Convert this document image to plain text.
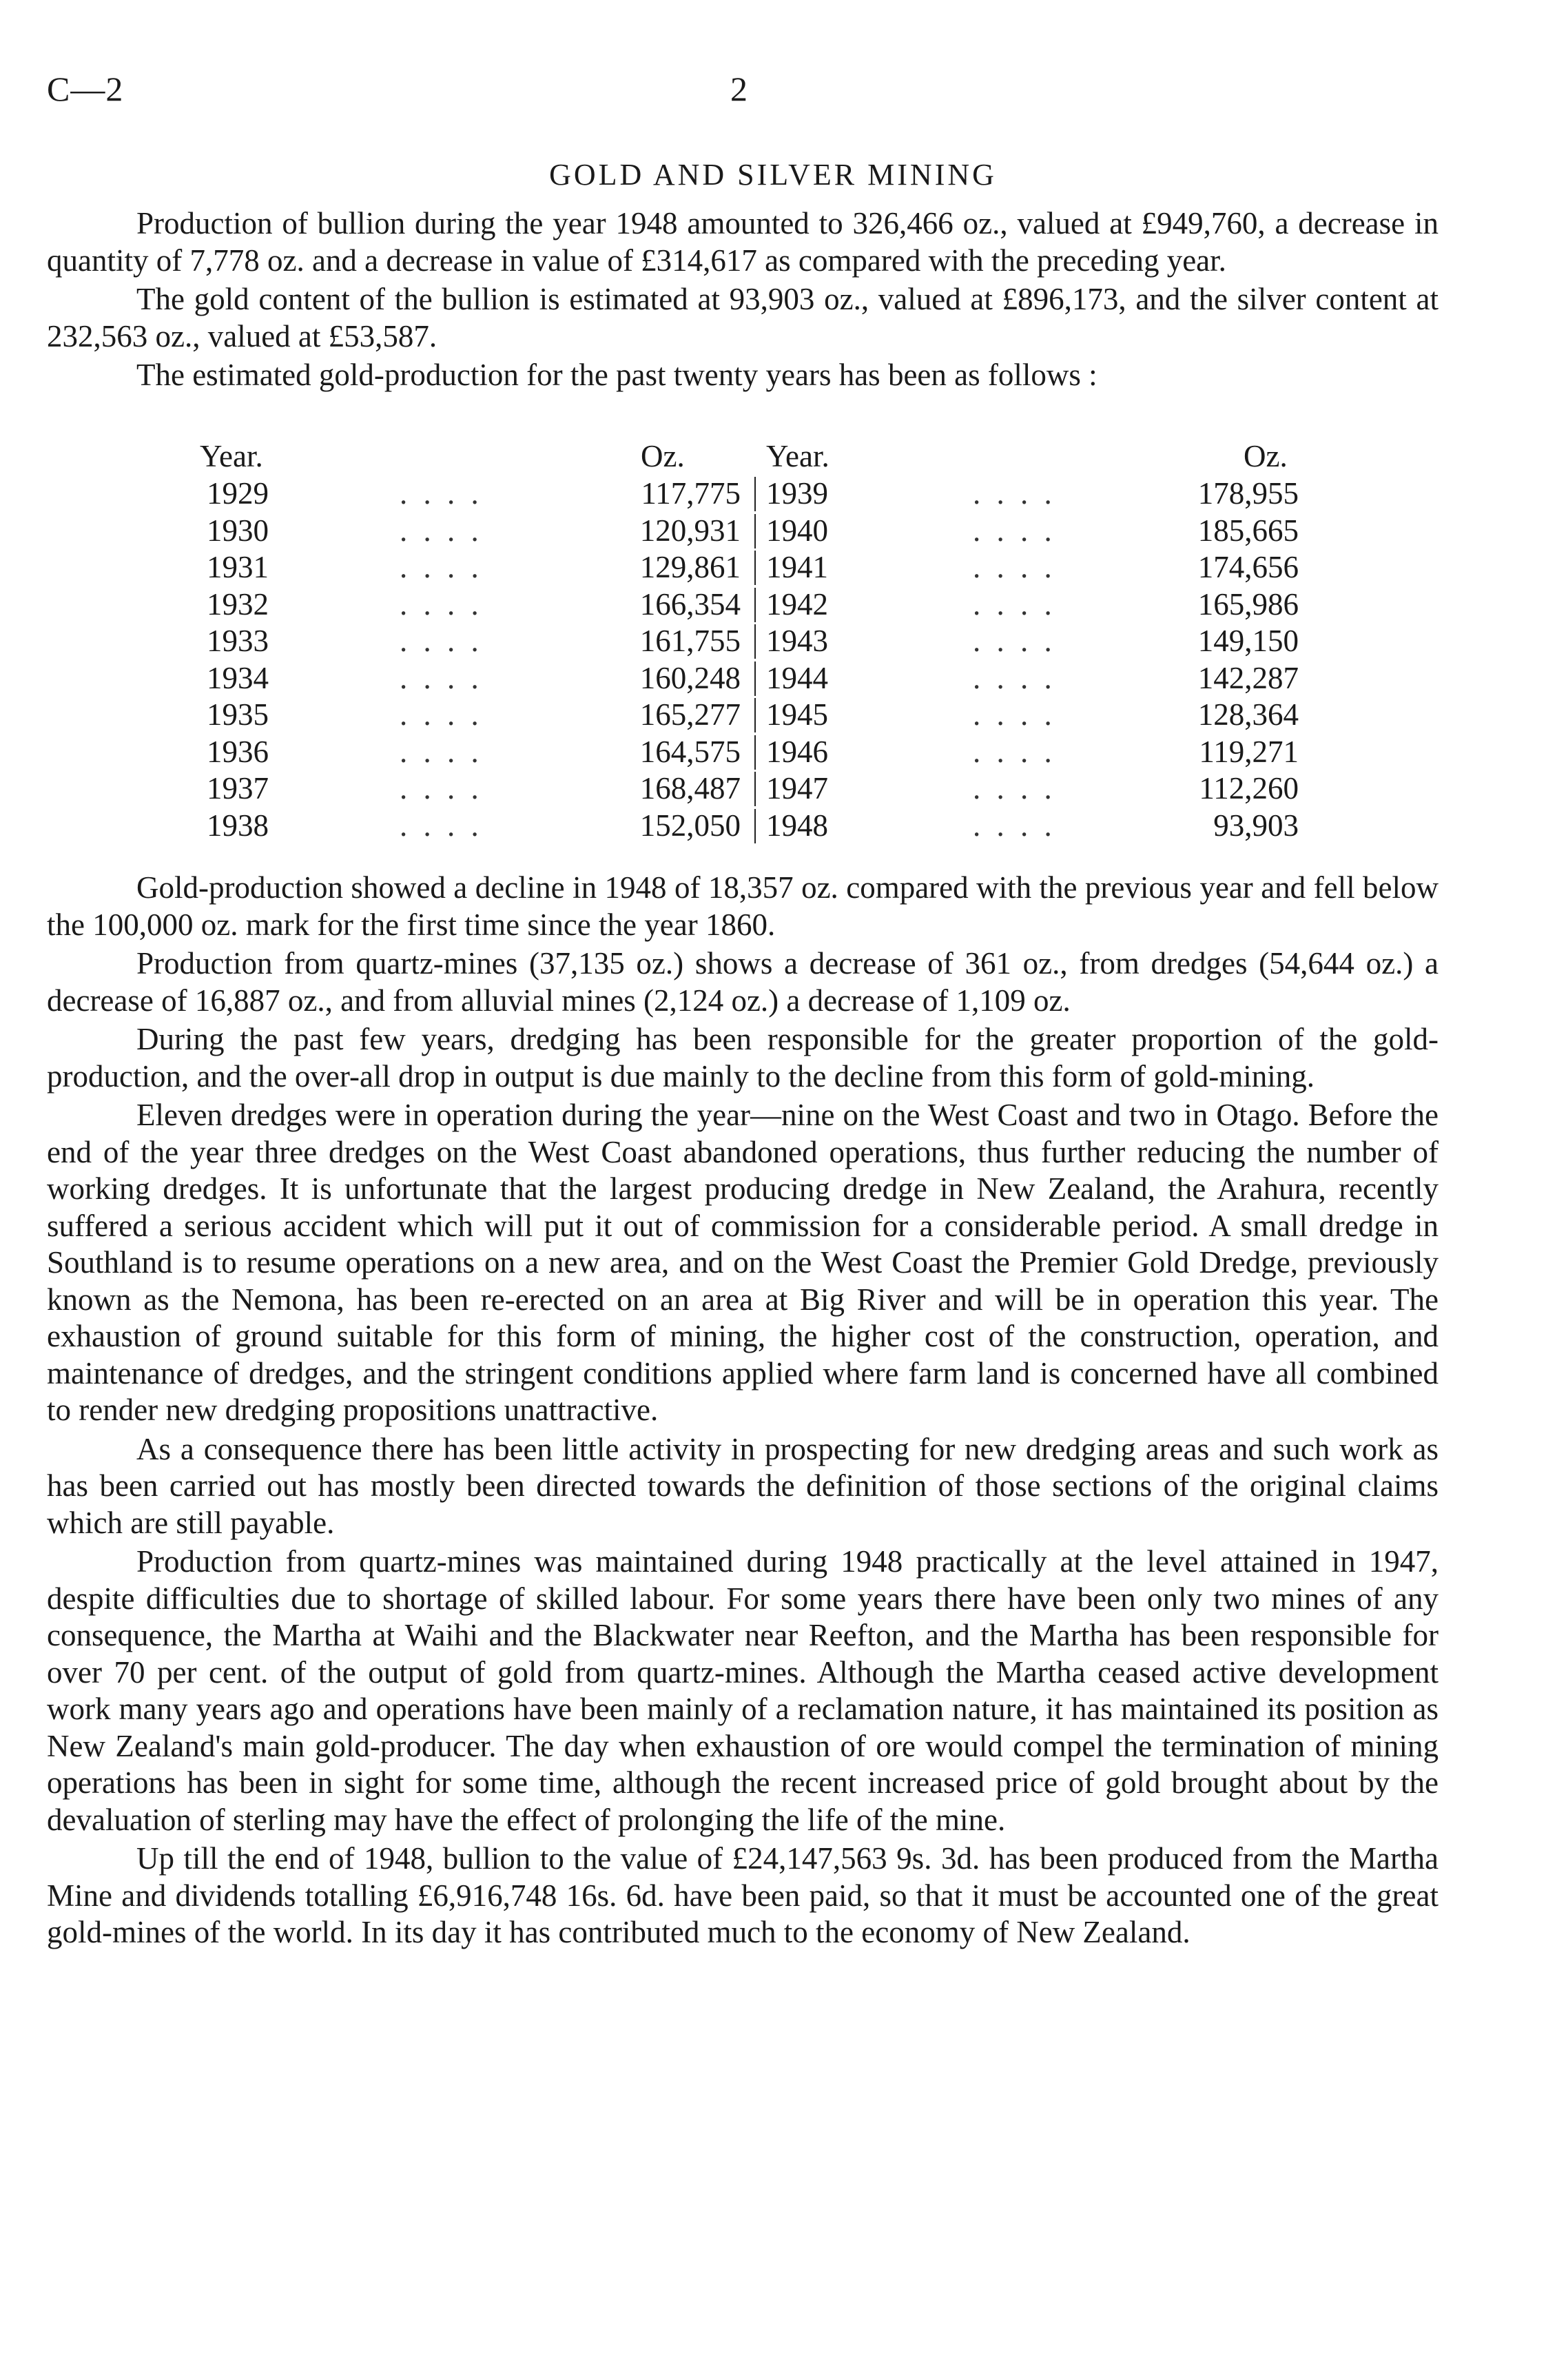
C—2	2
GOLD AND SILVER MINING

Production of bullion during the year 1948 amounted to 326,466 oz., valued at £949,760, a decrease in quantity of 7,778 oz. and a decrease in value of £314,617 as compared with the preceding year.

The gold content of the bullion is estimated at 93,903 oz., valued at £896,173, and the silver content at 232,563 oz., valued at £53,587.

The estimated gold-production for the past twenty years has been as follows :

Year.	Oz.	Year.	Oz.
1929	. . . .	117,775 1939	. . . .	178,955
1930	. . . .	120,931 1940	. . . .	185,665
1931	. . . .	129,861 1941	. . . .	174,656
1932	. . . .	166,354 1942	. . . .	165,986
1933	. . . .	161,755 1943	. . . .	149,150
1934	. . . .	160,248 1944	. . . .	142,287
1935	. . . .	165,277 1945	. . . .	128,364
1936	. . . .	164,575 1946	. . . .	119,271
1937	. . . .	168,487 1947	. . . .	112,260
1938	. . . .	152,050 1948	. . . .	93,903

Gold-production showed a decline in 1948 of 18,357 oz. compared with the previous year and fell below the 100,000 oz. mark for the first time since the year 1860.

Production from quartz-mines (37,135 oz.) shows a decrease of 361 oz., from dredges (54,644 oz.) a decrease of 16,887 oz., and from alluvial mines (2,124 oz.) a decrease of 1,109 oz.

During the past few years, dredging has been responsible for the greater proportion of the gold-production, and the over-all drop in output is due mainly to the decline from this form of gold-mining.

Eleven dredges were in operation during the year—nine on the West Coast and two in Otago. Before the end of the year three dredges on the West Coast abandoned operations, thus further reducing the number of working dredges. It is unfortunate that the largest producing dredge in New Zealand, the Arahura, recently suffered a serious accident which will put it out of commission for a considerable period. A small dredge in Southland is to resume operations on a new area, and on the West Coast the Premier Gold Dredge, previously known as the Nemona, has been re-erected on an area at Big River and will be in operation this year. The exhaustion of ground suitable for this form of mining, the higher cost of the construction, operation, and maintenance of dredges, and the stringent conditions applied where farm land is concerned have all combined to render new dredging propositions unattractive.

As a consequence there has been little activity in prospecting for new dredging areas and such work as has been carried out has mostly been directed towards the definition of those sections of the original claims which are still payable.

Production from quartz-mines was maintained during 1948 practically at the level attained in 1947, despite difficulties due to shortage of skilled labour. For some years there have been only two mines of any consequence, the Martha at Waihi and the Blackwater near Reefton, and the Martha has been responsible for over 70 per cent. of the output of gold from quartz-mines. Although the Martha ceased active development work many years ago and operations have been mainly of a reclamation nature, it has maintained its position as New Zealand's main gold-producer. The day when exhaustion of ore would compel the termination of mining operations has been in sight for some time, although the recent increased price of gold brought about by the devaluation of sterling may have the effect of prolonging the life of the mine.

Up till the end of 1948, bullion to the value of £24,147,563 9s. 3d. has been produced from the Martha Mine and dividends totalling £6,916,748 16s. 6d. have been paid, so that it must be accounted one of the great gold-mines of the world. In its day it has contributed much to the economy of New Zealand.
